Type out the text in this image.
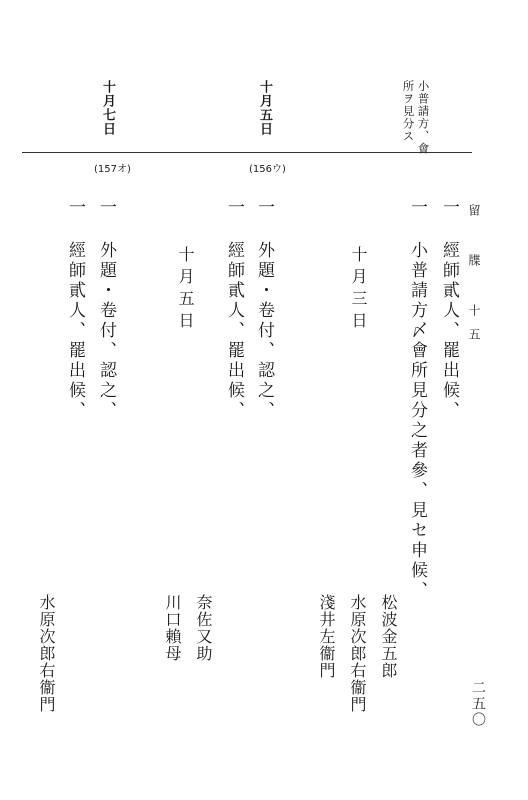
留 牒 十五
二五〇
小普請方、會
所ヲ見分ス
十月五日
十月七日
(156ウ)
(157オ)
一 經師貳人、罷出候、
一 小普請方〆會所見分之者參、見セ申候、
十月三日
一 外題・卷付、認之、
一 經師貳人、罷出候、
十月五日
一 外題・卷付、認之、
一 經師貳人、罷出候、
松波金五郎
水原次郎右衞門
淺井左衞門
奈佐又助
川口賴母
水原次郎右衞門
